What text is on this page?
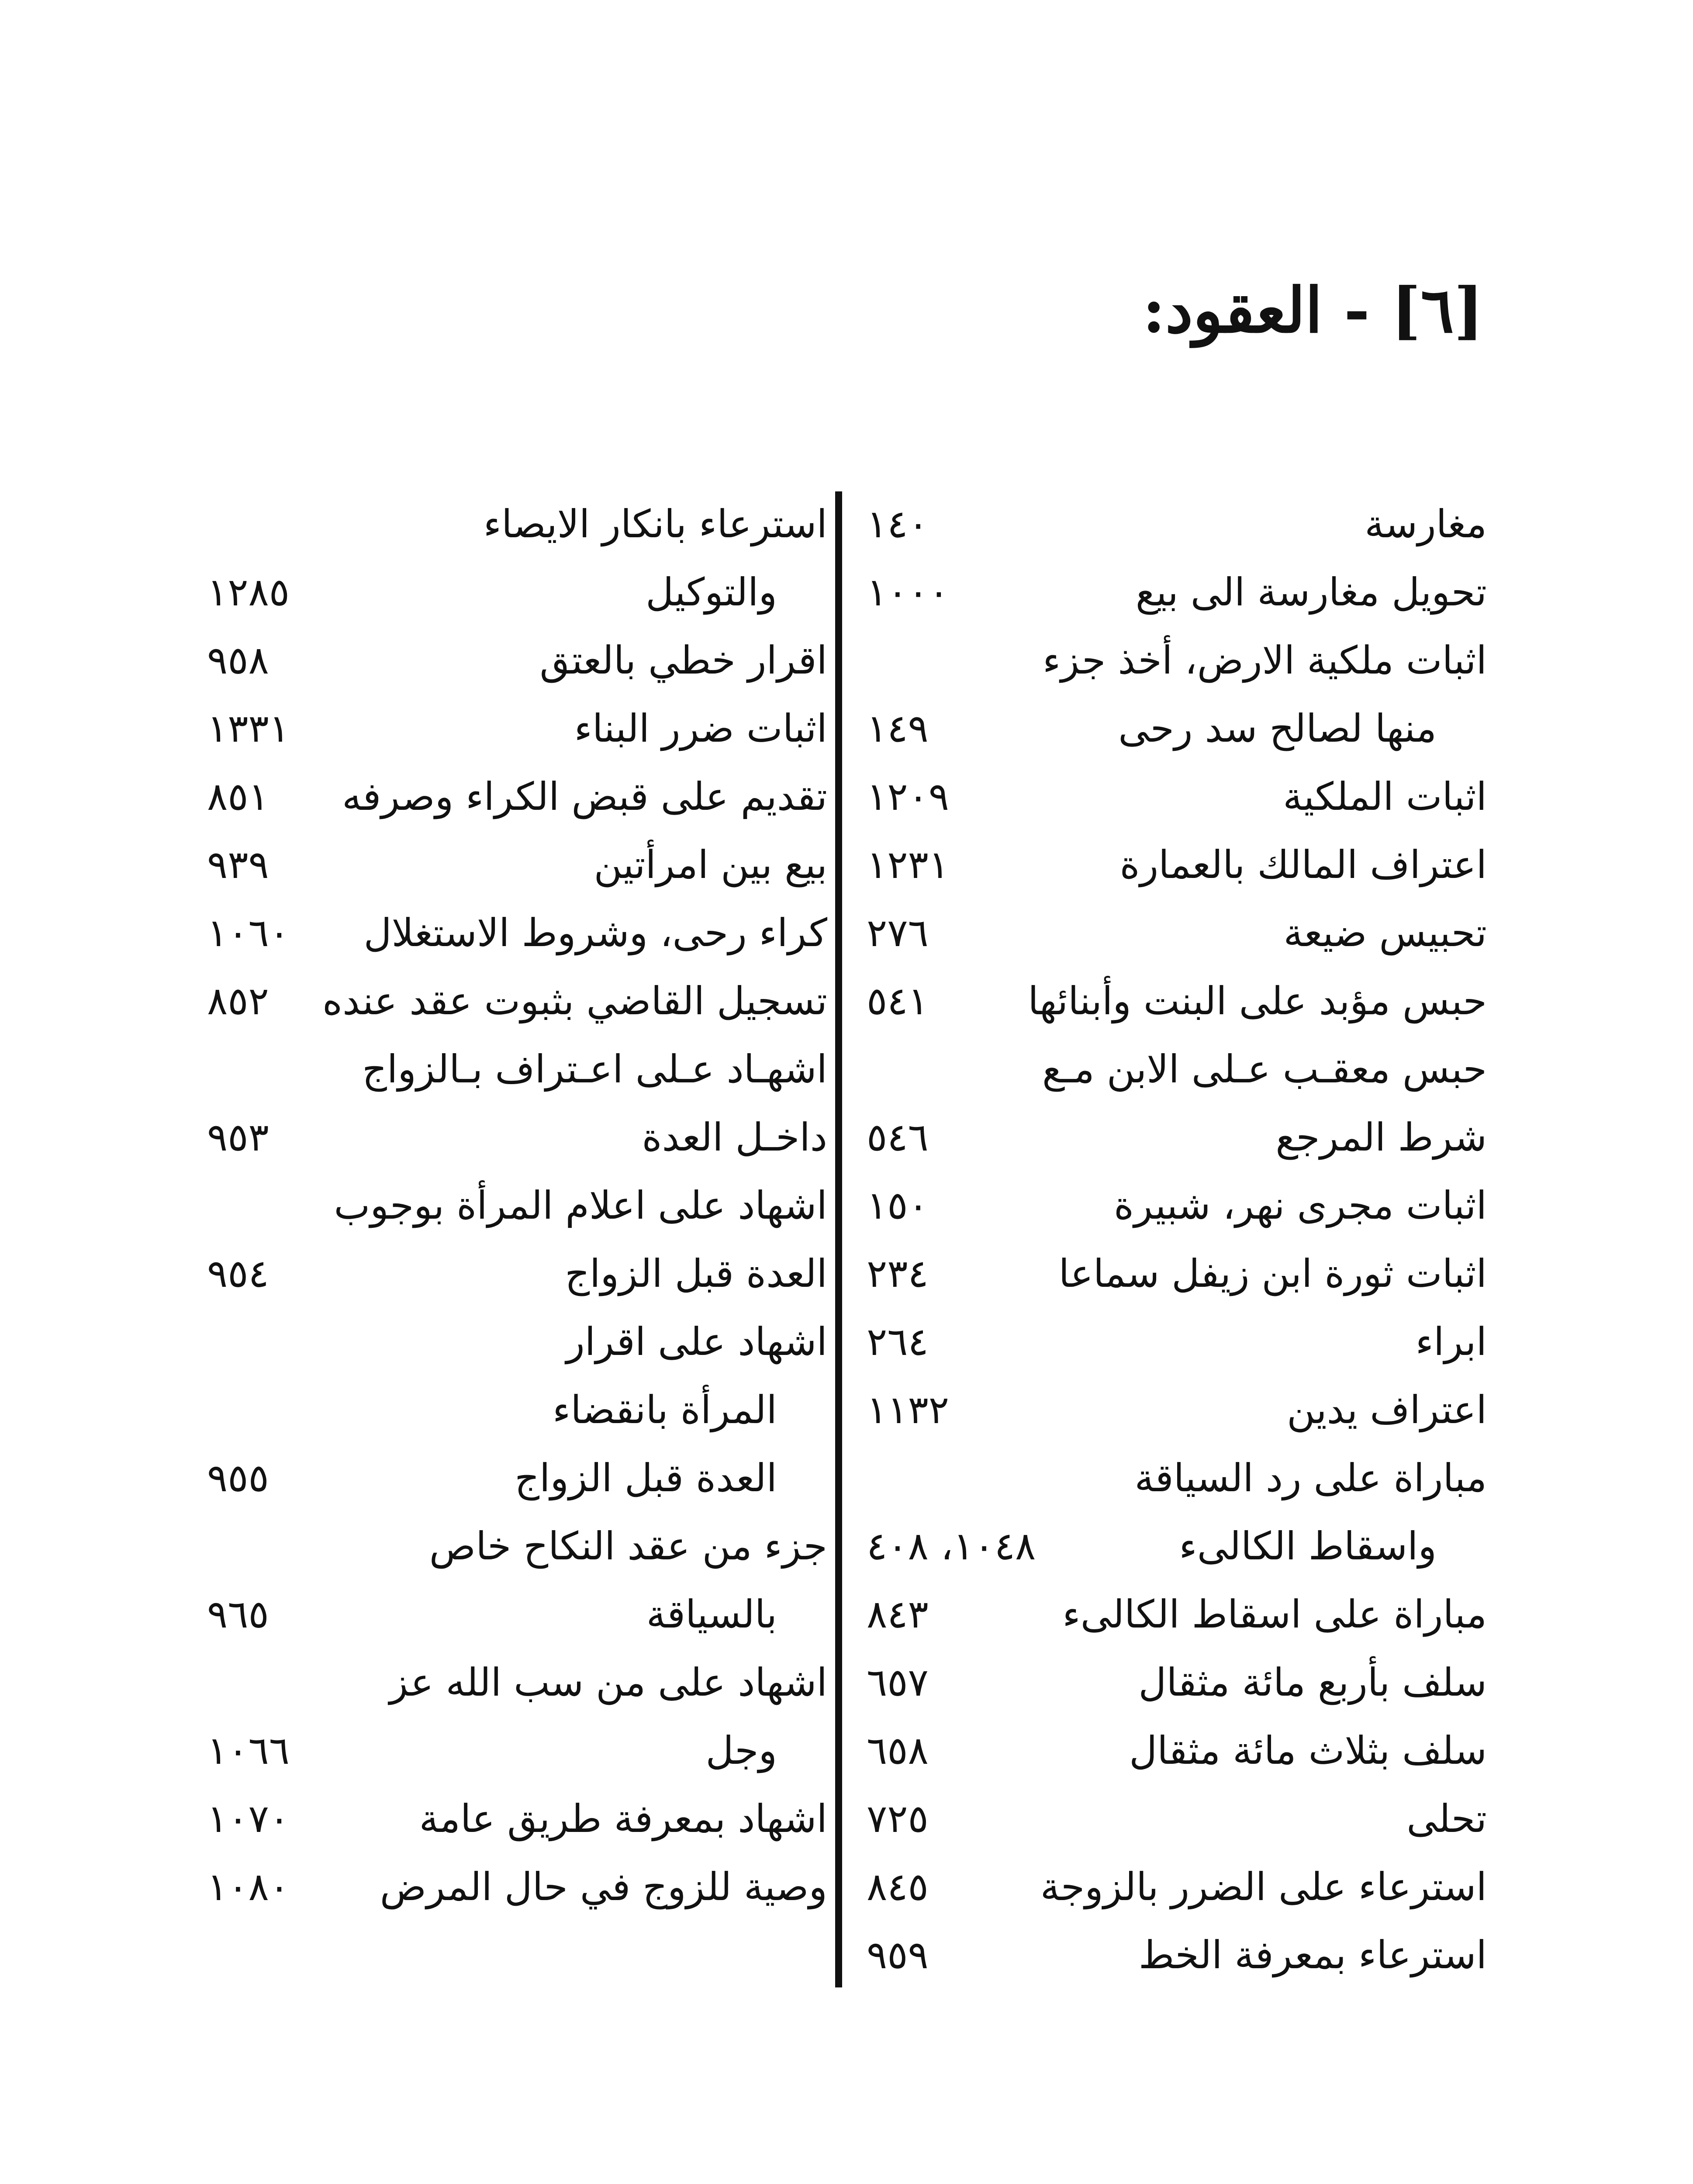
[٦] - العقود:
مغارسة
١٤٠
تحويل مغارسة الى بيع
١٠٠٠
اثبات ملكية الارض، أخذ جزء
منها لصالح سد رحى
١٤٩
اثبات الملكية
١٢٠٩
اعتراف المالك بالعمارة
١٢٣١
تحبيس ضيعة
٢٧٦
حبس مؤبد على البنت وأبنائها
٥٤١
حبس معقـب عـلى الابن مـع
شرط المرجع
٥٤٦
اثبات مجرى نهر، شبيرة
١٥٠
اثبات ثورة ابن زيفل سماعا
٢٣٤
ابراء
٢٦٤
اعتراف يدين
١١٣٢
مباراة على رد السياقة
واسقاط الكالىء
١٠٤٨، ٤٠٨
مباراة على اسقاط الكالىء
٨٤٣
سلف بأربع مائة مثقال
٦٥٧
سلف بثلاث مائة مثقال
٦٥٨
تحلى
٧٢٥
استرعاء على الضرر بالزوجة
٨٤٥
استرعاء بمعرفة الخط
٩٥٩
استرعاء بانكار الايصاء
والتوكيل
١٢٨٥
اقرار خطي بالعتق
٩٥٨
اثبات ضرر البناء
١٣٣١
تقديم على قبض الكراء وصرفه
٨٥١
بيع بين امرأتين
٩٣٩
كراء رحى، وشروط الاستغلال
١٠٦٠
تسجيل القاضي بثبوت عقد عنده
٨٥٢
اشهـاد عـلى اعـتراف بـالزواج
داخـل العدة
٩٥٣
اشهاد على اعلام المرأة بوجوب
العدة قبل الزواج
٩٥٤
اشهاد على اقرار
المرأة بانقضاء
العدة قبل الزواج
٩٥٥
جزء من عقد النكاح خاص
بالسياقة
٩٦٥
اشهاد على من سب الله عز
وجل
١٠٦٦
اشهاد بمعرفة طريق عامة
١٠٧٠
وصية للزوج في حال المرض
١٠٨٠
